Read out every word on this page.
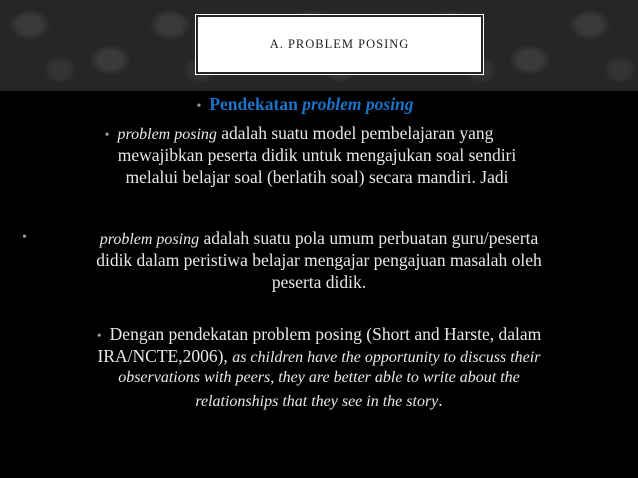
A. PROBLEM POSING
• Pendekatan problem posing
• problem posing adalah suatu model pembelajaran yang
mewajibkan peserta didik untuk mengajukan soal sendiri
melalui belajar soal (berlatih soal) secara mandiri. Jadi
•	problem posing adalah suatu pola umum perbuatan guru/peserta
didik dalam peristiwa belajar mengajar pengajuan masalah oleh
peserta didik.
• Dengan pendekatan problem posing (Short and Harste, dalam
IRA/NCTE,2006), as children have the opportunity to discuss their
observations with peers, they are better able to write about the
relationships that they see in the story.
